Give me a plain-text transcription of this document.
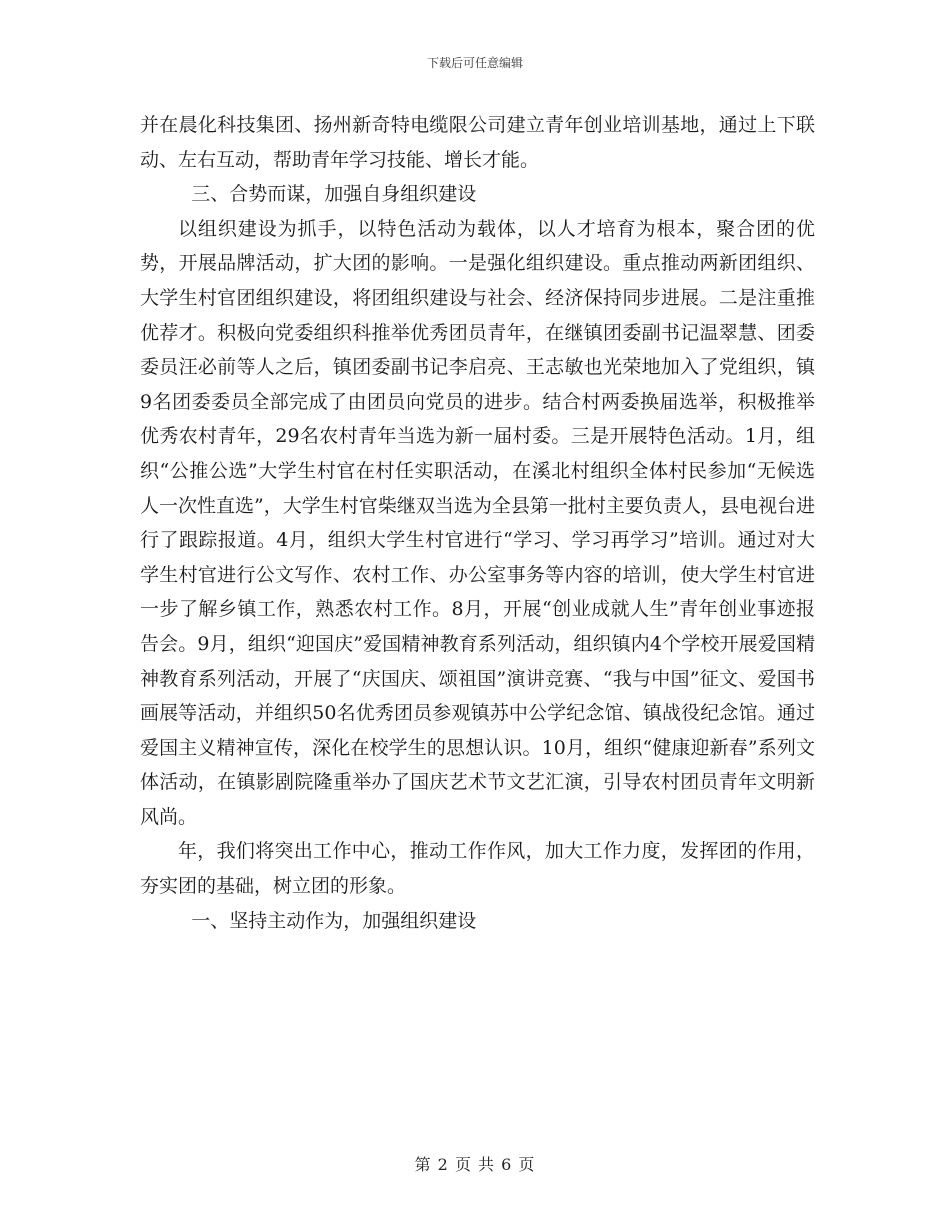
下载后可任意编辑

并在晨化科技集团、扬州新奇特电缆限公司建立青年创业培训基地，通过上下联动、左右互动，帮助青年学习技能、增长才能。

三、合势而谋，加强自身组织建设

以组织建设为抓手，以特色活动为载体，以人才培育为根本，聚合团的优势，开展品牌活动，扩大团的影响。一是强化组织建设。重点推动两新团组织、大学生村官团组织建设，将团组织建设与社会、经济保持同步进展。二是注重推优荐才。积极向党委组织科推举优秀团员青年，在继镇团委副书记温翠慧、团委委员汪必前等人之后，镇团委副书记李启亮、王志敏也光荣地加入了党组织，镇9名团委委员全部完成了由团员向党员的进步。结合村两委换届选举，积极推举优秀农村青年，29名农村青年当选为新一届村委。三是开展特色活动。1月，组织“公推公选”大学生村官在村任实职活动，在溪北村组织全体村民参加“无候选人一次性直选”，大学生村官柴继双当选为全县第一批村主要负责人，县电视台进行了跟踪报道。4月，组织大学生村官进行“学习、学习再学习”培训。通过对大学生村官进行公文写作、农村工作、办公室事务等内容的培训，使大学生村官进一步了解乡镇工作，熟悉农村工作。8月，开展“创业成就人生”青年创业事迹报告会。9月，组织“迎国庆”爱国精神教育系列活动，组织镇内4个学校开展爱国精神教育系列活动，开展了“庆国庆、颂祖国”演讲竞赛、“我与中国”征文、爱国书画展等活动，并组织50名优秀团员参观镇苏中公学纪念馆、镇战役纪念馆。通过爱国主义精神宣传，深化在校学生的思想认识。10月，组织“健康迎新春”系列文体活动，在镇影剧院隆重举办了国庆艺术节文艺汇演，引导农村团员青年文明新风尚。

年，我们将突出工作中心，推动工作作风，加大工作力度，发挥团的作用，夯实团的基础，树立团的形象。

一、坚持主动作为，加强组织建设

第 2 页 共 6 页
